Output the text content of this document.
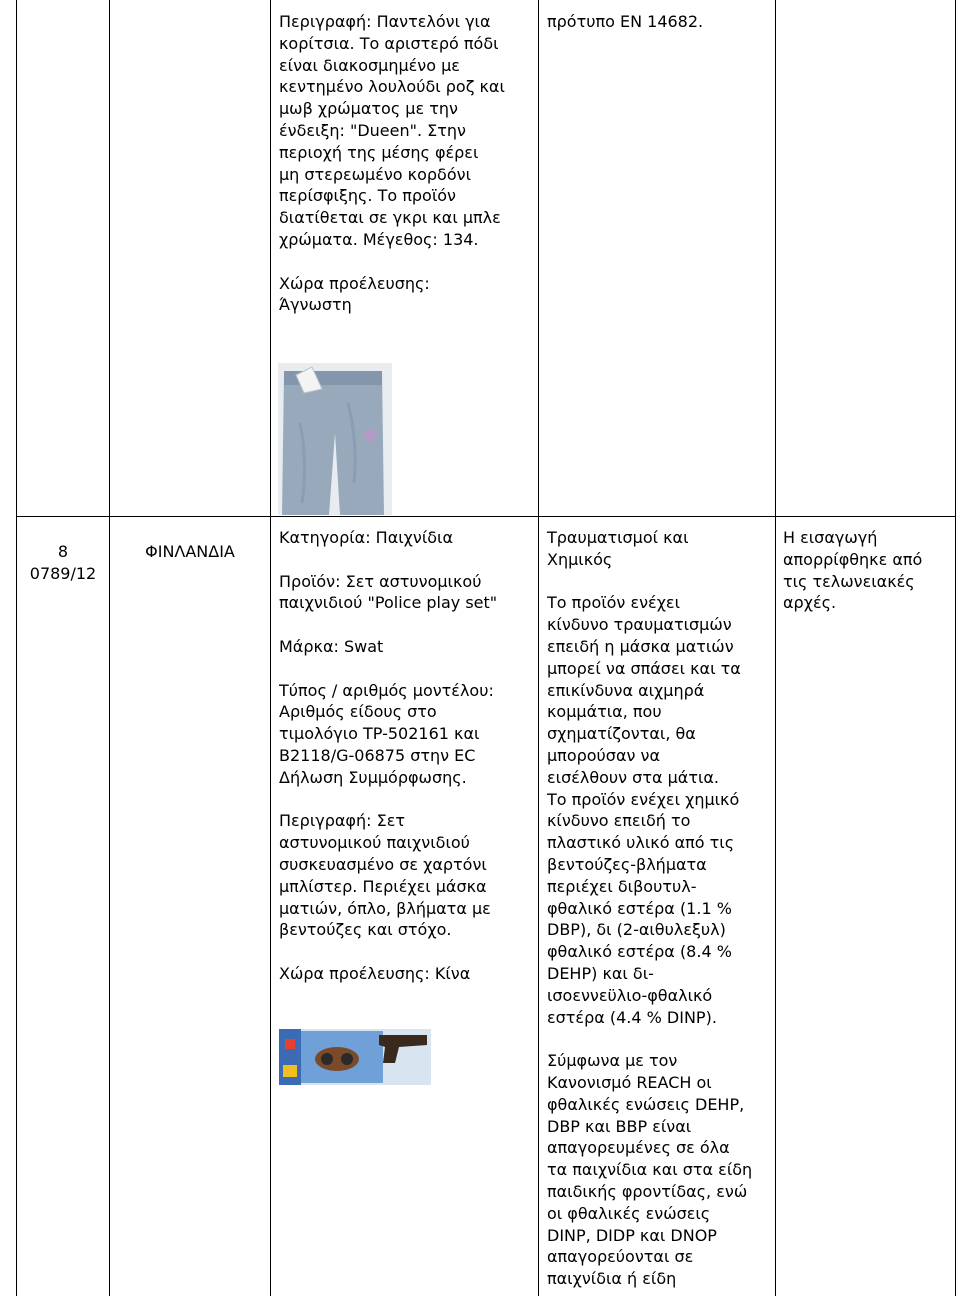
Περιγραφή: Παντελόνι για
κορίτσια. Το αριστερό πόδι
είναι διακοσμημένο με
κεντημένο λουλούδι ροζ και
μωβ χρώματος με την
ένδειξη: "Dueen". Στην
περιοχή της μέσης φέρει
μη στερεωμένο κορδόνι
περίσφιξης. Το προϊόν
διατίθεται σε γκρι και μπλε
χρώματα. Μέγεθος: 134.

Χώρα προέλευσης:
Άγνωστη

πρότυπο ΕΝ 14682.

8

0789/12

ΦΙΝΛΑΝΔΙΑ

Κατηγορία: Παιχνίδια

Προϊόν: Σετ αστυνομικού
παιχνιδιού "Police play set"

Μάρκα: Swat

Τύπος / αριθμός μοντέλου:
Αριθμός είδους στο
τιμολόγιο TP-502161 και
B2118/G-06875 στην EC
Δήλωση Συμμόρφωσης.

Περιγραφή: Σετ
αστυνομικού παιχνιδιού
συσκευασμένο σε χαρτόνι
μπλίστερ. Περιέχει μάσκα
ματιών, όπλο, βλήματα με
βεντούζες και στόχο.

Χώρα προέλευσης: Κίνα

Τραυματισμοί και
Χημικός

Το προϊόν ενέχει
κίνδυνο τραυματισμών
επειδή η μάσκα ματιών
μπορεί να σπάσει και τα
επικίνδυνα αιχμηρά
κομμάτια, που
σχηματίζονται, θα
μπορούσαν να
εισέλθουν στα μάτια.
Το προϊόν ενέχει χημικό
κίνδυνο επειδή το
πλαστικό υλικό από τις
βεντούζες-βλήματα
περιέχει διβουτυλ-
φθαλικό εστέρα (1.1 %
DBP), δι (2-αιθυλεξυλ)
φθαλικό εστέρα (8.4 %
DEHP) και δι-
ισοεννεϋλιο-φθαλικό
εστέρα (4.4 % DINP).

Σύμφωνα με τον
Κανονισμό REACH οι
φθαλικές ενώσεις DEHP,
DBP και BBP είναι
απαγορευμένες σε όλα
τα παιχνίδια και στα είδη
παιδικής φροντίδας, ενώ
οι φθαλικές ενώσεις
DINP, DIDP και DNOP
απαγορεύονται σε
παιχνίδια ή είδη

Η εισαγωγή
απορρίφθηκε από
τις τελωνειακές
αρχές.
